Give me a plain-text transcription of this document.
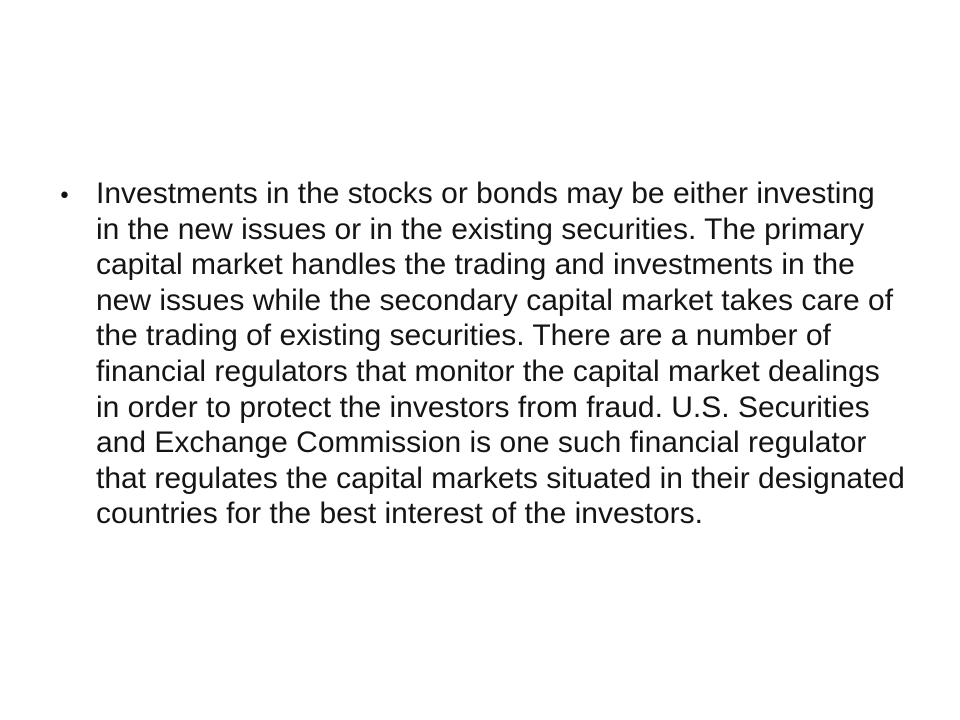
• Investments in the stocks or bonds may be either investing in the new issues or in the existing securities. The primary capital market handles the trading and investments in the new issues while the secondary capital market takes care of the trading of existing securities. There are a number of financial regulators that monitor the capital market dealings in order to protect the investors from fraud. U.S. Securities and Exchange Commission is one such financial regulator that regulates the capital markets situated in their designated countries for the best interest of the investors.
